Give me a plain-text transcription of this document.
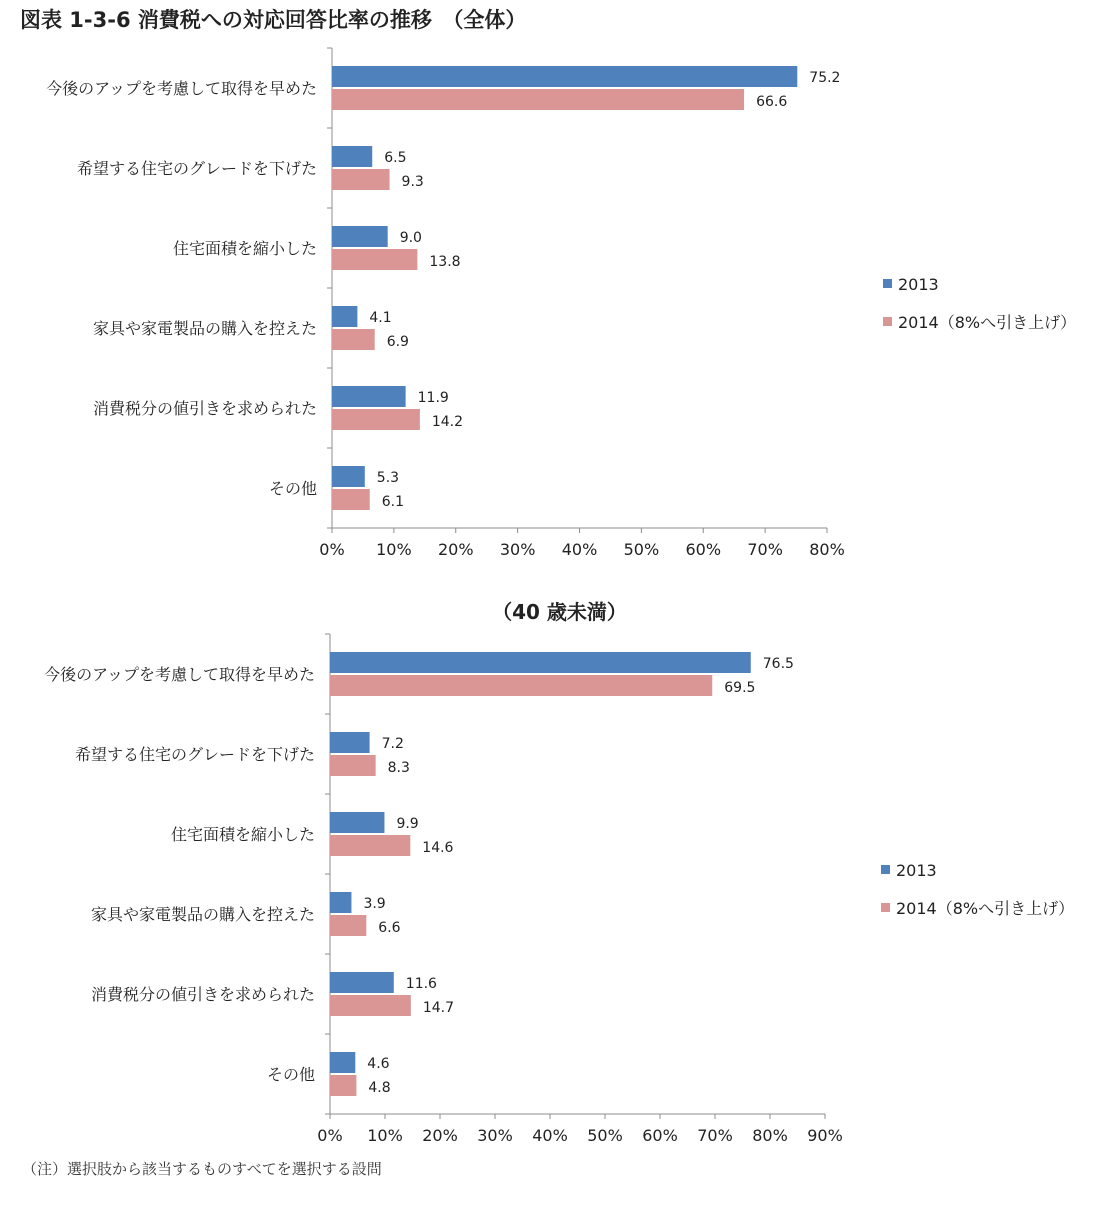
図表 1-3-6 消費税への対応回答比率の推移　（全体）
0% 10% 20% 30% 40% 50% 60% 70% 80%
今後のアップを考慮して取得を早めた
75.2
66.6
希望する住宅のグレードを下げた
6.5
9.3
住宅面積を縮小した
9.0
13.8
家具や家電製品の購入を控えた
4.1
6.9
消費税分の値引きを求められた
11.9
14.2
その他
5.3
6.1
2013
2014（8%へ引き上げ）
（40 歳未満）
0% 10% 20% 30% 40% 50% 60% 70% 80% 90%
今後のアップを考慮して取得を早めた
76.5
69.5
希望する住宅のグレードを下げた
7.2
8.3
住宅面積を縮小した
9.9
14.6
家具や家電製品の購入を控えた
3.9
6.6
消費税分の値引きを求められた
11.6
14.7
その他
4.6
4.8
2013
2014（8%へ引き上げ）
（注）選択肢から該当するものすべてを選択する設問
